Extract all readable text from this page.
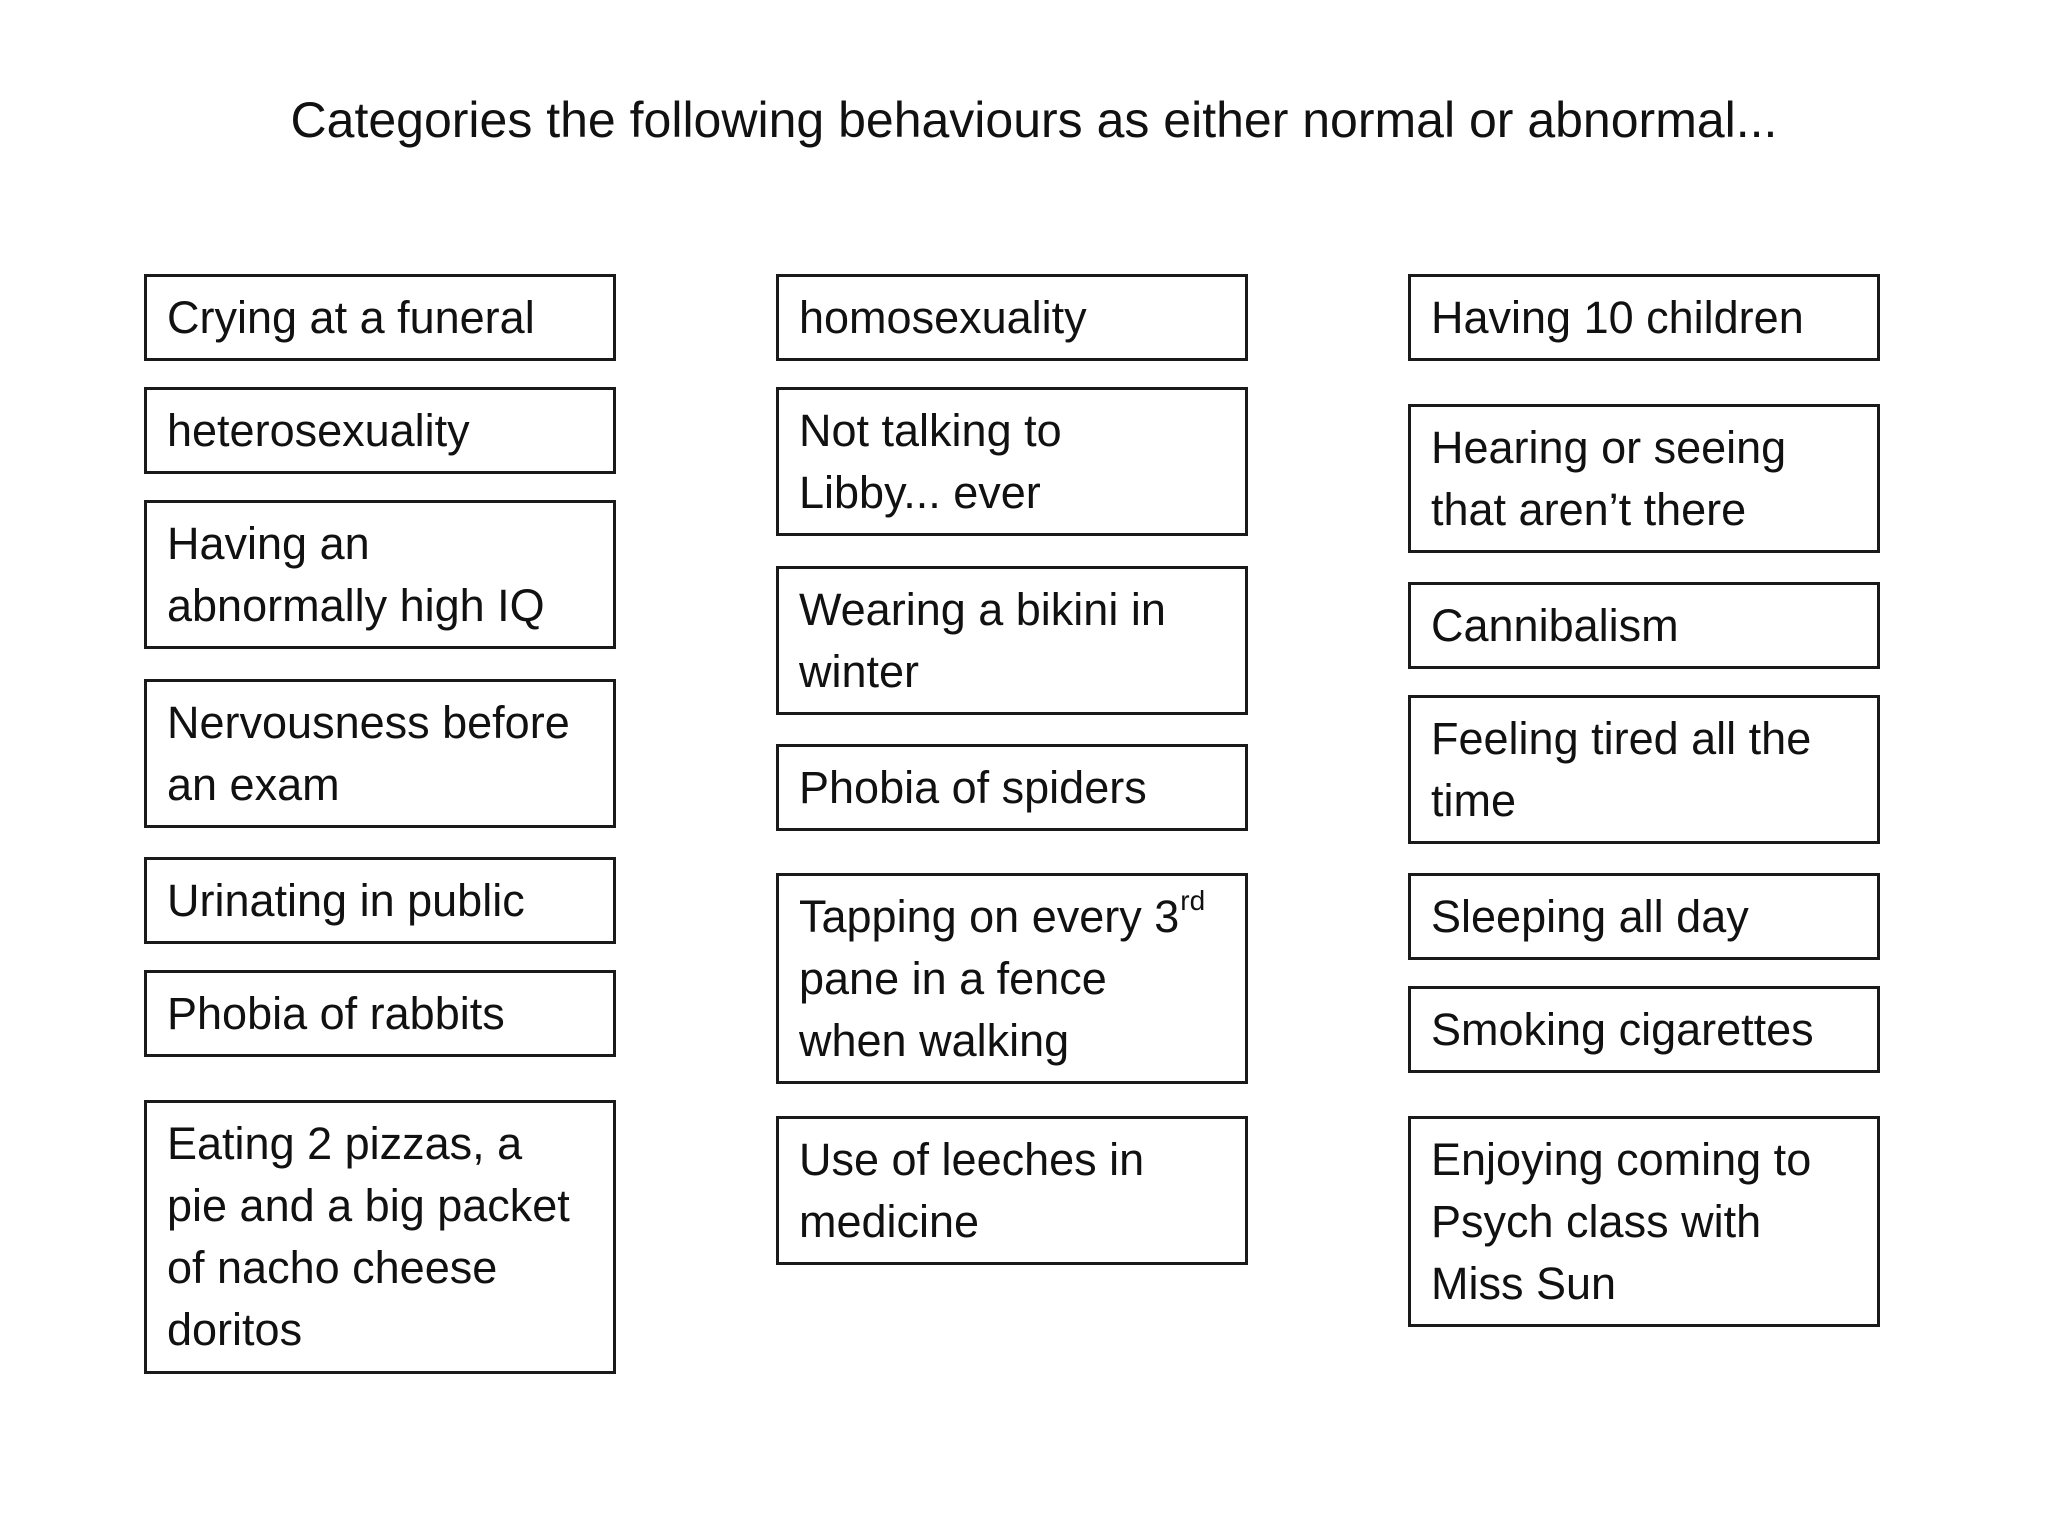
Categories the following behaviours as either normal or abnormal...
Crying at a funeral
heterosexuality
Having an
abnormally high IQ
Nervousness before
an exam
Urinating in public
Phobia of rabbits
Eating 2 pizzas, a
pie and a big packet
of nacho cheese
doritos
homosexuality
Not talking to
Libby... ever
Wearing a bikini in
winter
Phobia of spiders
Tapping on every 3rd
pane in a fence
when walking
Use of leeches in
medicine
Having 10 children
Hearing or seeing
that aren’t there
Cannibalism
Feeling tired all the
time
Sleeping all day
Smoking cigarettes
Enjoying coming to
Psych class with
Miss Sun
